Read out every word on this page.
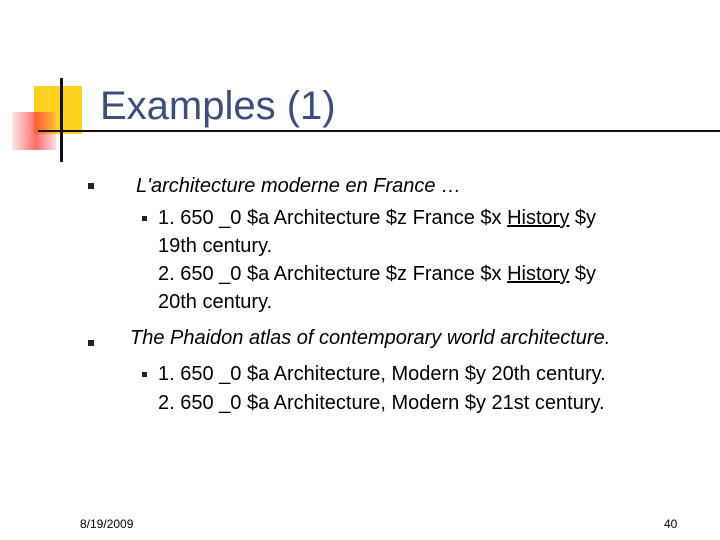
Examples (1)
L'architecture moderne en France …
1. 650 _0 $a Architecture $z France $x History $y
19th century.
2. 650 _0 $a Architecture $z France $x History $y
20th century.
The Phaidon atlas of contemporary world architecture.
1. 650 _0 $a Architecture, Modern $y 20th century.
2. 650 _0 $a Architecture, Modern $y 21st century.
8/19/2009	40
